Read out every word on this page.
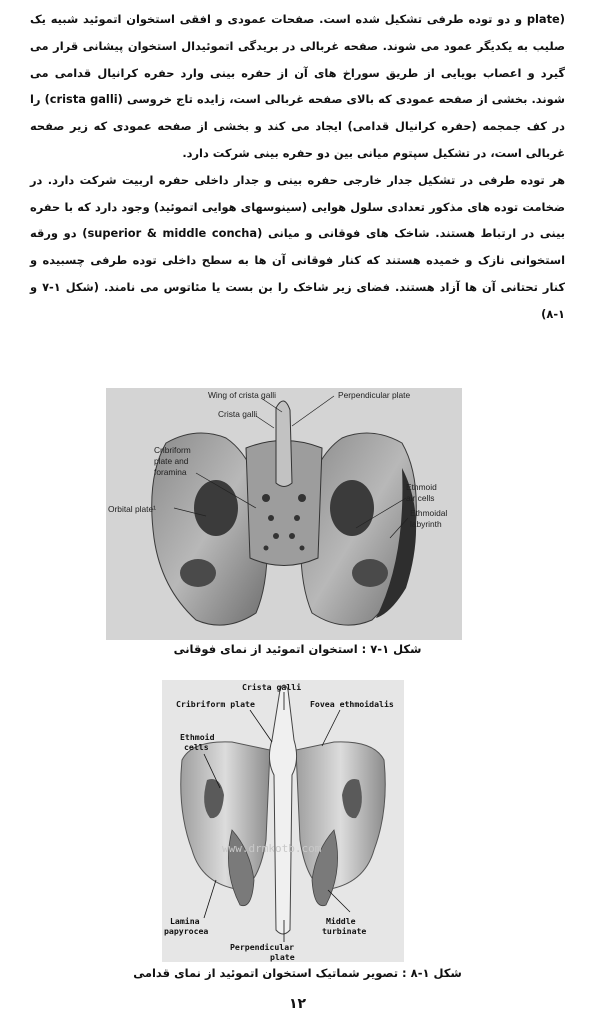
(plate و دو توده طرفی تشکیل شده است. صفحات عمودی و افقی استخوان اتموئید شبیه یک صلیب به یکدیگر عمود می شوند. صفحه غربالی در بریدگی اتموئیدال استخوان پیشانی قرار می گیرد و اعصاب بویایی از طریق سوراخ های آن از حفره بینی وارد حفره کرانیال قدامی می شوند. بخشی از صفحه عمودی که بالای صفحه غربالی است، زایده تاج خروسی (crista galli) را در کف جمجمه (حفره کرانیال قدامی) ایجاد می کند و بخشی از صفحه عمودی که زیر صفحه غربالی است، در تشکیل سپتوم میانی بین دو حفره بینی شرکت دارد.

هر توده طرفی در تشکیل جدار خارجی حفره بینی و جدار داخلی حفره اربیت شرکت دارد. در ضخامت توده های مذکور تعدادی سلول هوایی (سینوسهای هوایی اتموئید) وجود دارد که با حفره بینی در ارتباط هستند. شاخک های فوقانی و میانی (superior & middle concha) دو ورقه استخوانی نازک و خمیده هستند که کنار فوقانی آن ها به سطح داخلی توده طرفی چسبیده و کنار تحتانی آن ها آزاد هستند. فضای زیر شاخک را بن بست یا مئاتوس می نامند. (شکل ۱-۷ و ۱-۸)

Wing of crista galli	Perpendicular plate
Crista galli
Cribriform
plate and
foramina
Ethmoid
air cells
Orbital plate¹	Ethmoidal
labyrinth
شکل ۱-۷ : استخوان اتموئید از نمای فوقانی
www.drmkotb.com
Crista galli
Cribriform plate	Fovea ethmoidalis
Ethmoid
cells
Lamina
papyrocea
Middle
turbinate
Perpendicular
plate
شکل ۱-۸ : تصویر شماتیک استخوان اتموئید از نمای قدامی
۱۲
